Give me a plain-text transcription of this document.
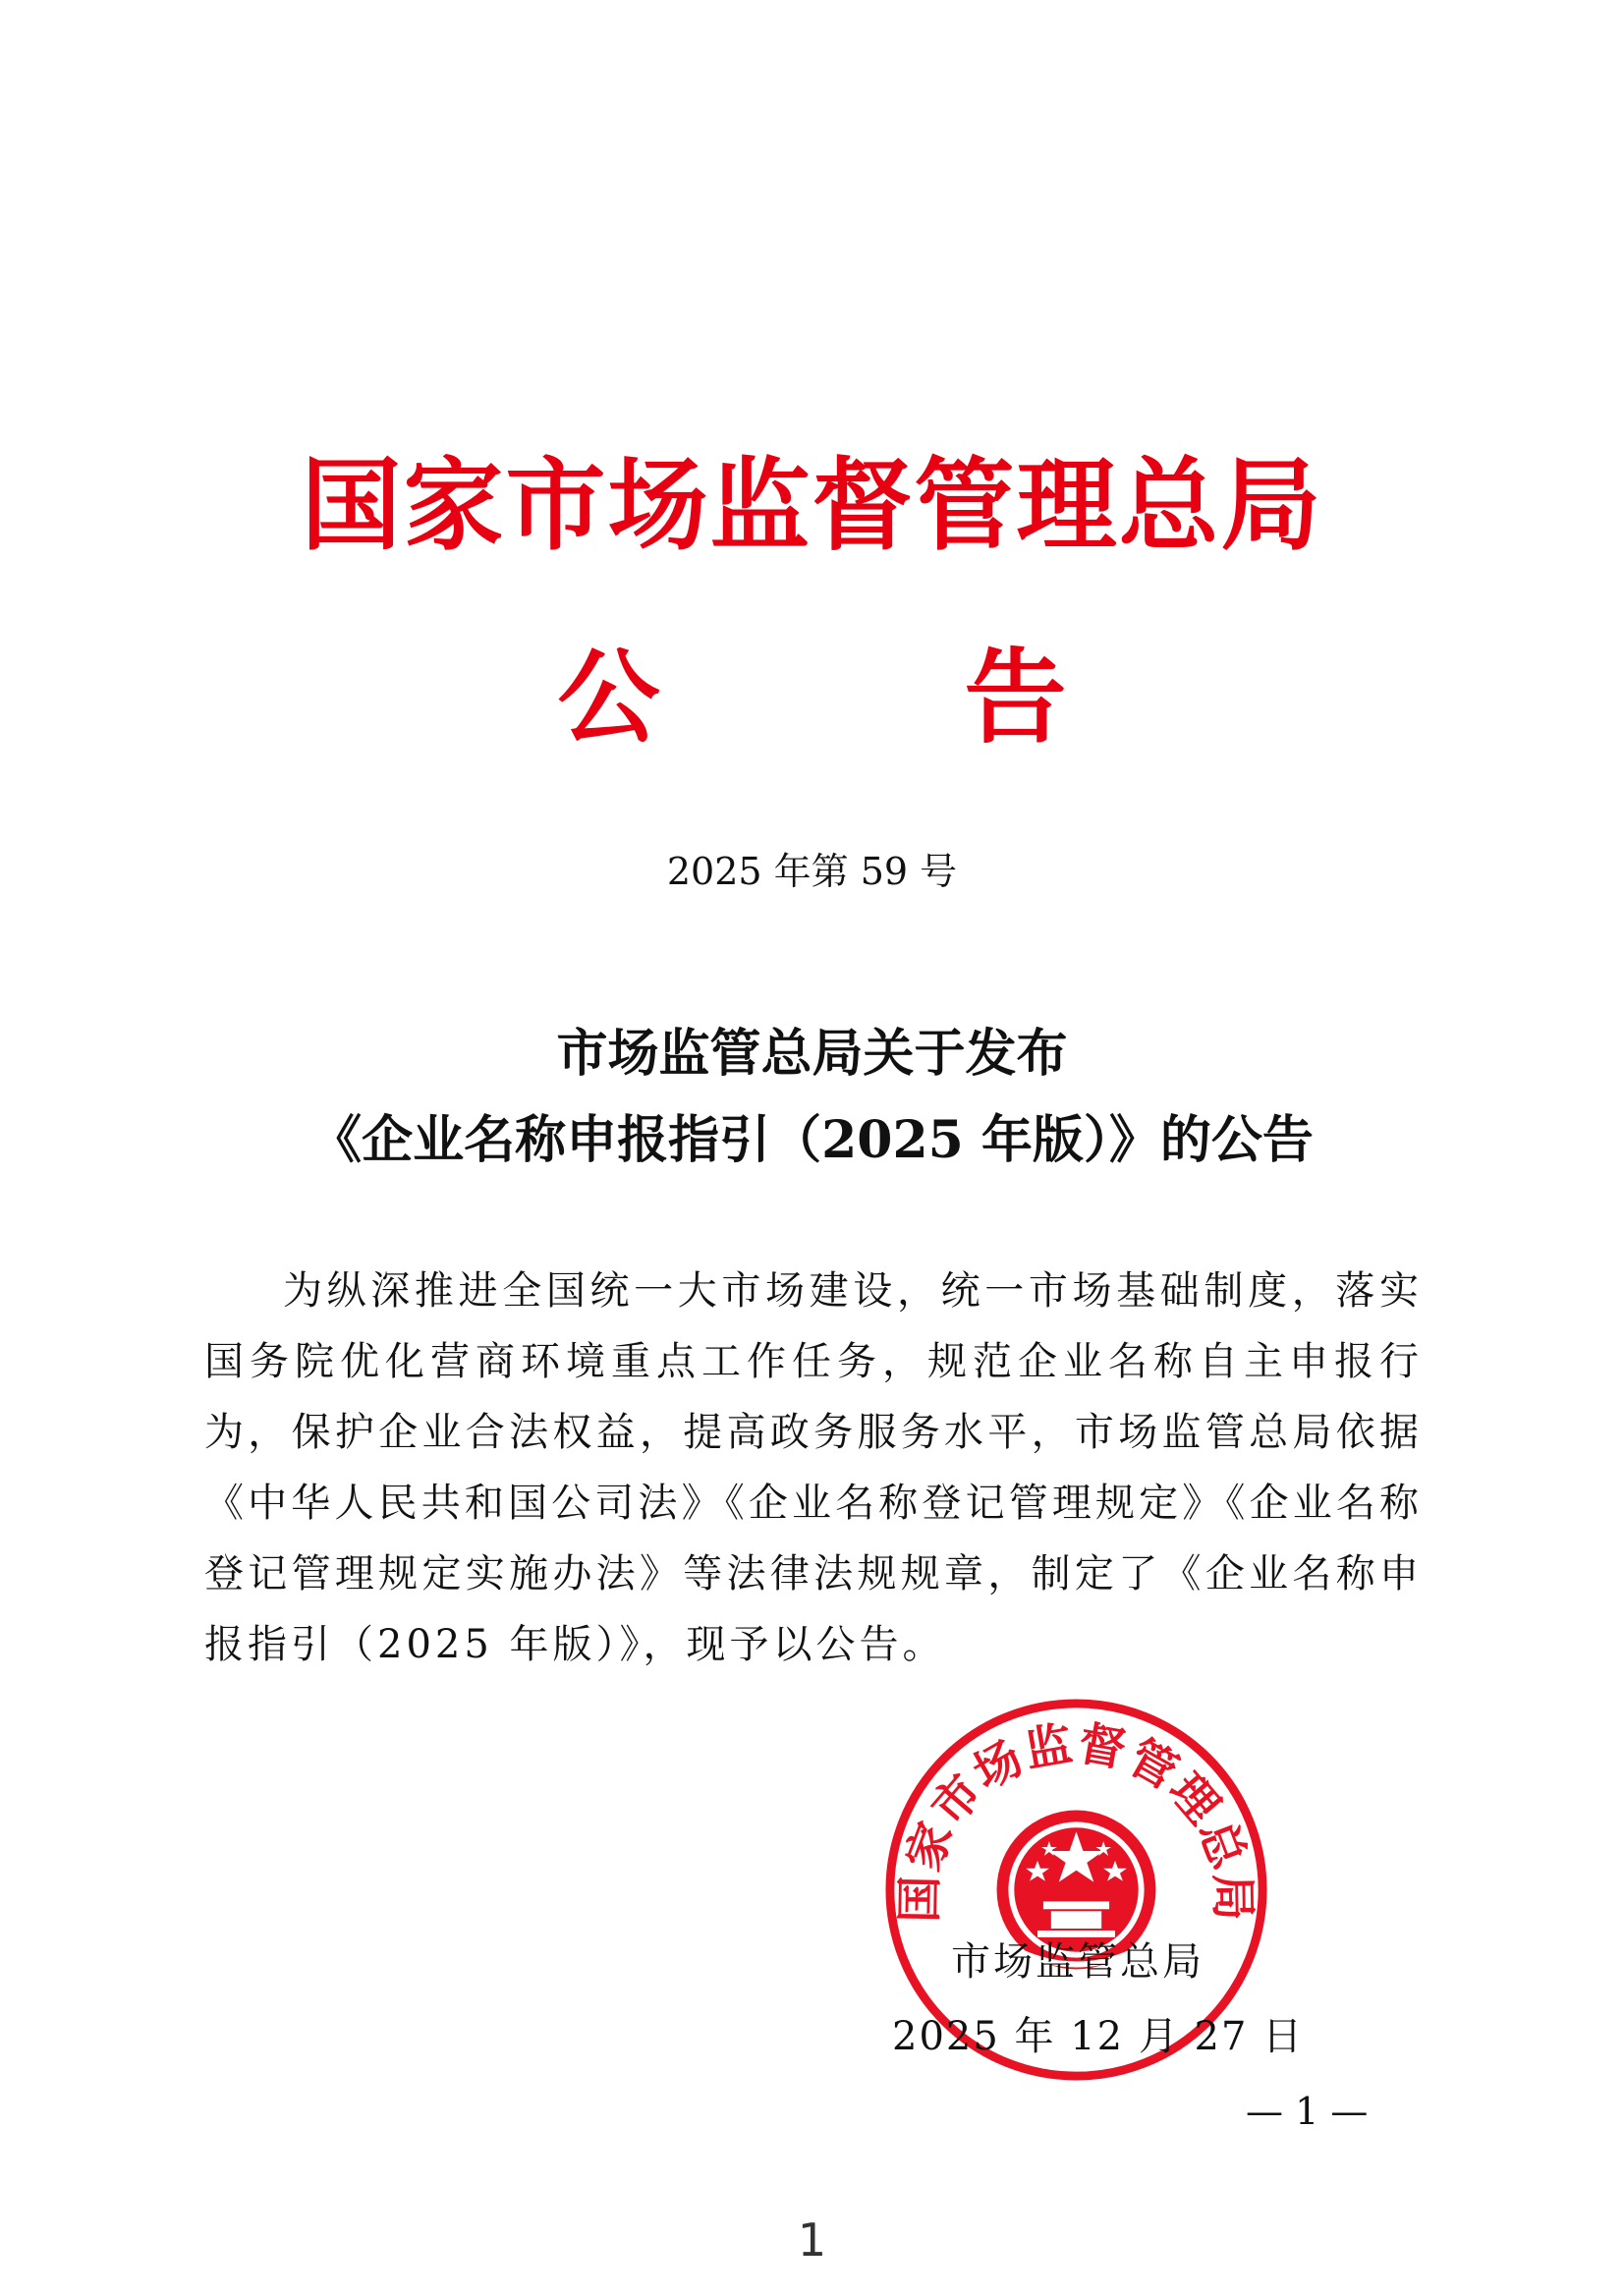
国家市场监督管理总局
公告
2025 年第 59 号
市场监管总局关于发布
《企业名称申报指引（2025 年版）》的公告

为纵深推进全国统一大市场建设，统一市场基础制度，落实国务院优化营商环境重点工作任务，规范企业名称自主申报行为，保护企业合法权益，提高政务服务水平，市场监管总局依据《中华人民共和国公司法》《企业名称登记管理规定》《企业名称登记管理规定实施办法》等法律法规规章，制定了《企业名称申报指引（2025 年版）》，现予以公告。

国家市场监督管理总局
市场监管总局
2025 年 12 月 27 日
— 1 —
1
